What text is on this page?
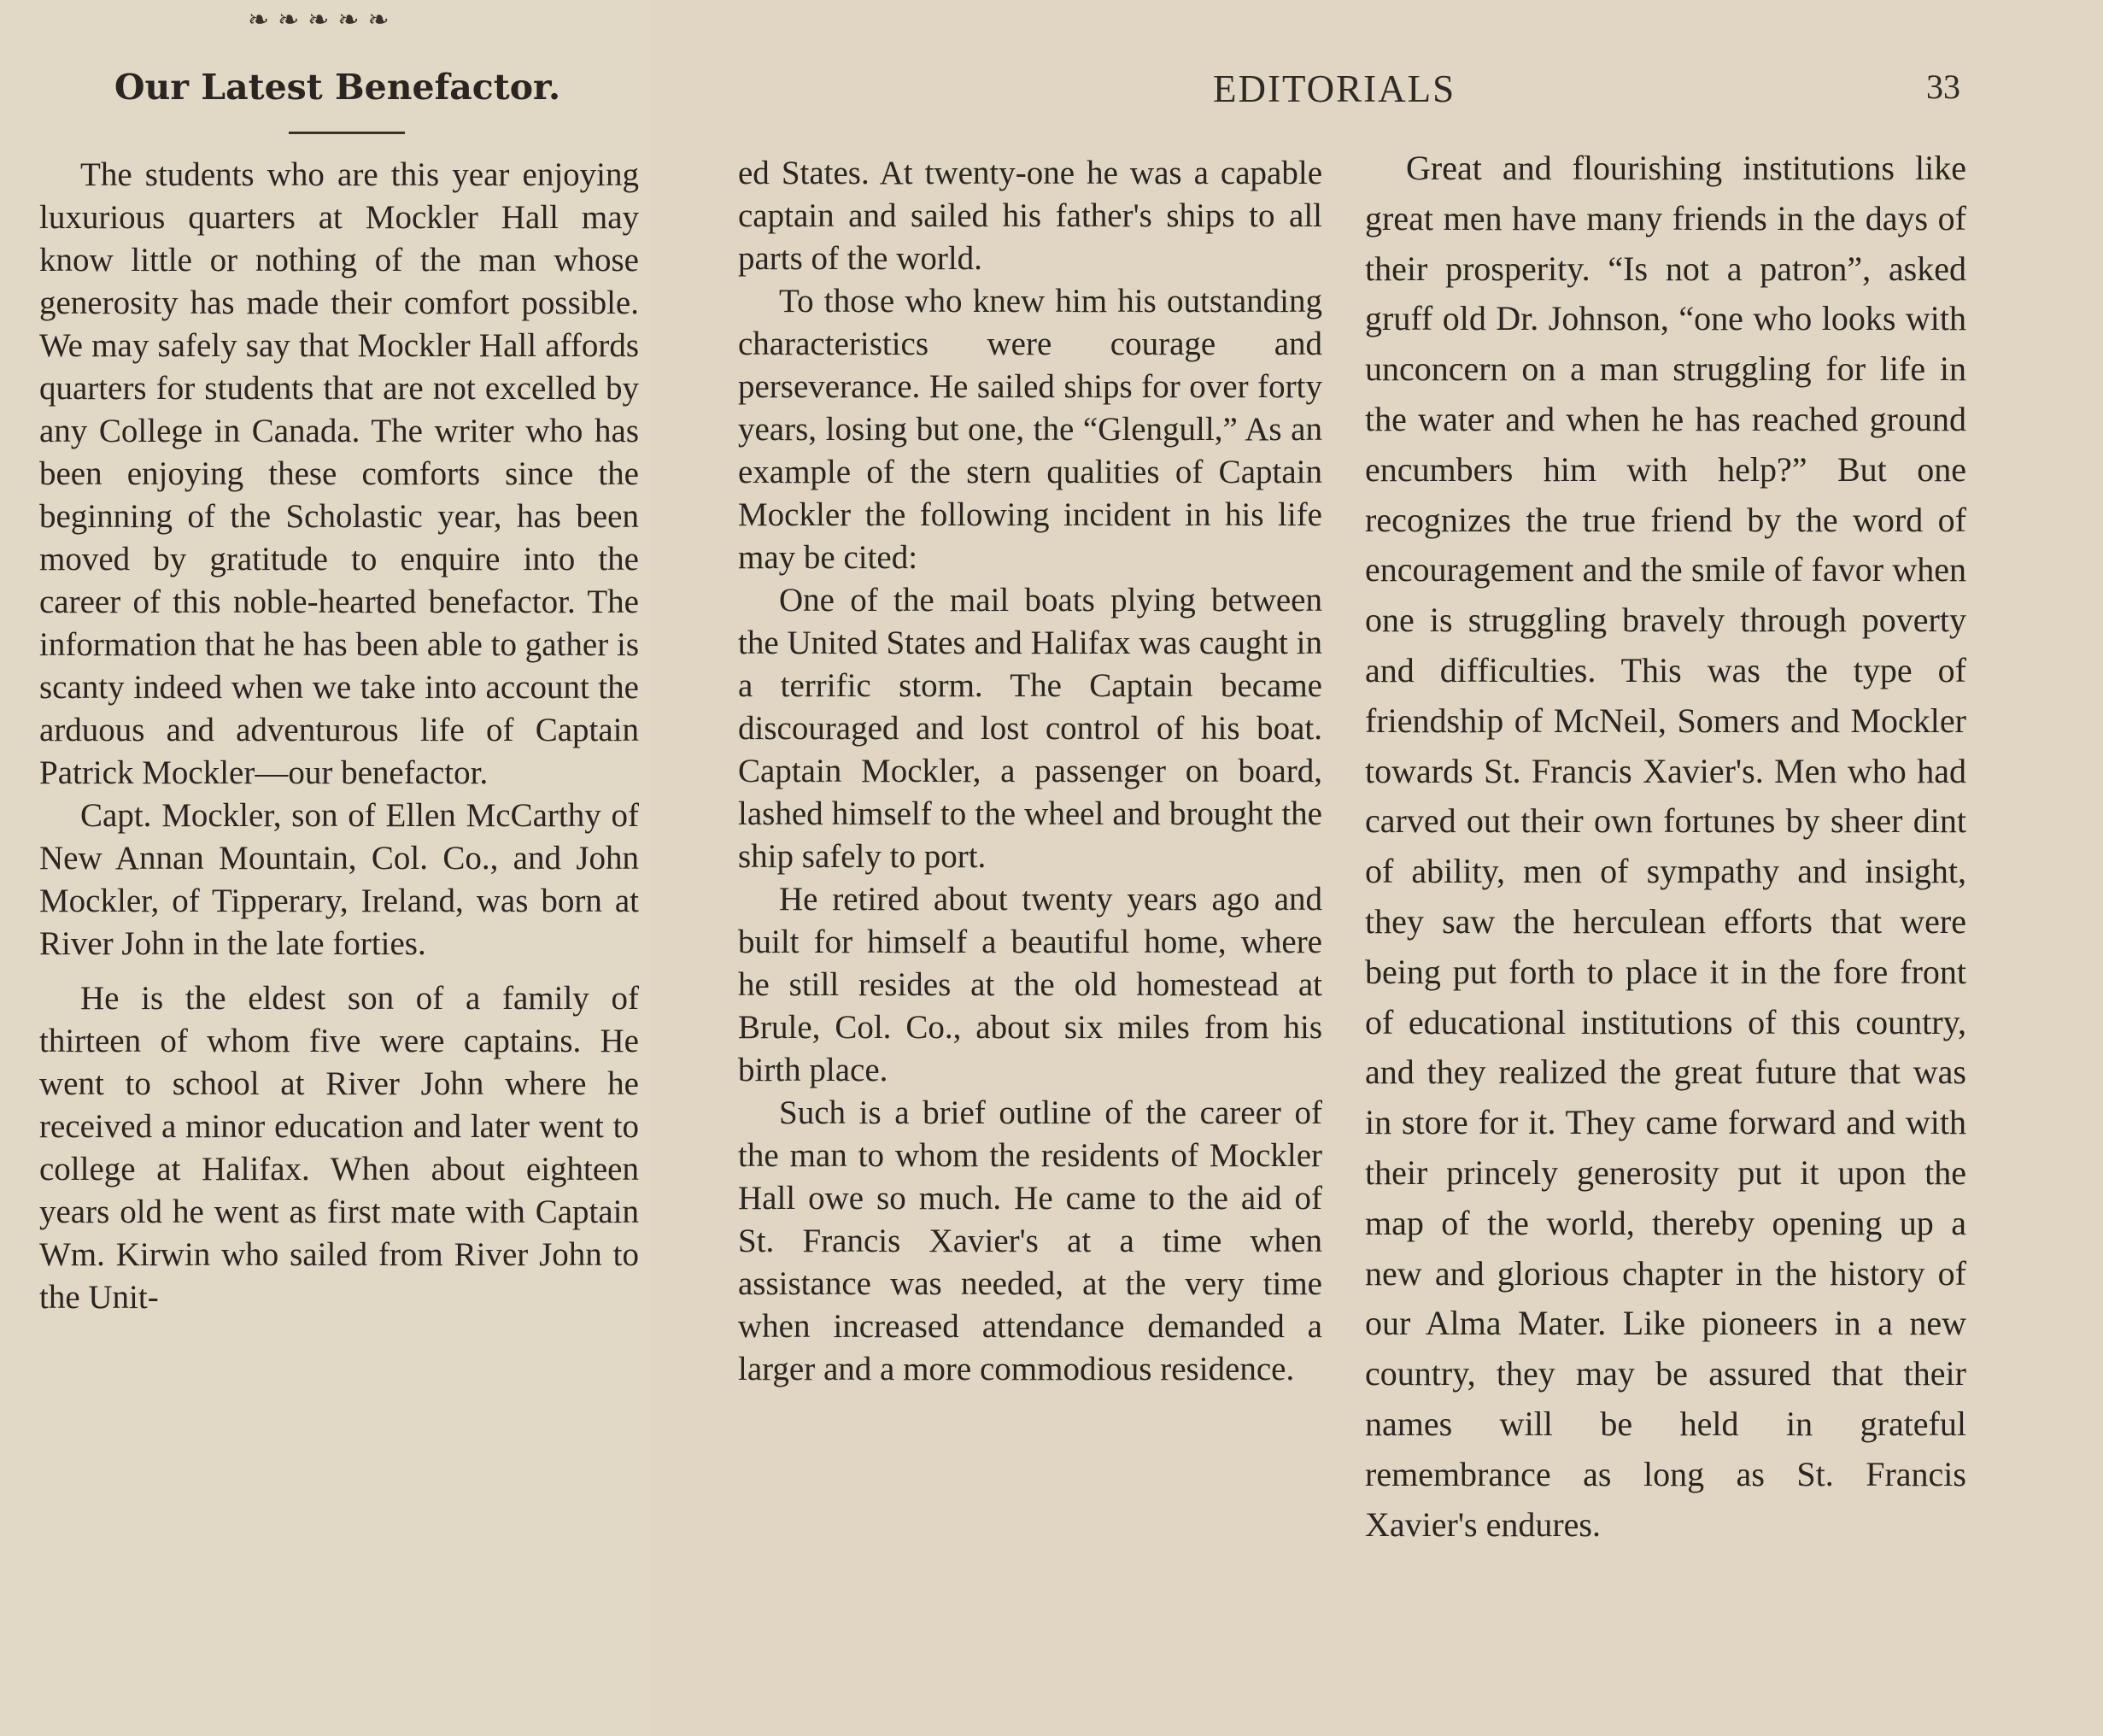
❧❧❧❧❧
Our Latest Benefactor.

The students who are this year enjoying luxurious quarters at Mockler Hall may know little or nothing of the man whose generosity has made their comfort possible. We may safely say that Mockler Hall affords quarters for students that are not excelled by any College in Canada. The writer who has been enjoying these comforts since the beginning of the Scholastic year, has been moved by gratitude to enquire into the career of this noble-hearted benefactor. The information that he has been able to gather is scanty indeed when we take into account the arduous and adventurous life of Captain Patrick Mockler—our benefactor.

Capt. Mockler, son of Ellen McCarthy of New Annan Mountain, Col. Co., and John Mockler, of Tipperary, Ireland, was born at River John in the late forties.

He is the eldest son of a family of thirteen of whom five were captains. He went to school at River John where he received a minor education and later went to college at Halifax. When about eighteen years old he went as first mate with Captain Wm. Kirwin who sailed from River John to the Unit-

EDITORIALS	33

ed States. At twenty-one he was a capable captain and sailed his father's ships to all parts of the world.

To those who knew him his outstanding characteristics were courage and perseverance. He sailed ships for over forty years, losing but one, the “Glengull,” As an example of the stern qualities of Captain Mockler the following incident in his life may be cited:

One of the mail boats plying between the United States and Halifax was caught in a terrific storm. The Captain became discouraged and lost control of his boat. Captain Mockler, a passenger on board, lashed himself to the wheel and brought the ship safely to port.

He retired about twenty years ago and built for himself a beautiful home, where he still resides at the old homestead at Brule, Col. Co., about six miles from his birth place.

Such is a brief outline of the career of the man to whom the residents of Mockler Hall owe so much. He came to the aid of St. Francis Xavier's at a time when assistance was needed, at the very time when increased attendance demanded a larger and a more commodious residence.

Great and flourishing institutions like great men have many friends in the days of their prosperity. “Is not a patron”, asked gruff old Dr. Johnson, “one who looks with unconcern on a man struggling for life in the water and when he has reached ground encumbers him with help?” But one recognizes the true friend by the word of encouragement and the smile of favor when one is struggling bravely through poverty and difficulties. This was the type of friendship of McNeil, Somers and Mockler towards St. Francis Xavier's. Men who had carved out their own fortunes by sheer dint of ability, men of sympathy and insight, they saw the herculean efforts that were being put forth to place it in the fore front of educational institutions of this country, and they realized the great future that was in store for it. They came forward and with their princely generosity put it upon the map of the world, thereby opening up a new and glorious chapter in the history of our Alma Mater. Like pioneers in a new country, they may be assured that their names will be held in grateful remembrance as long as St. Francis Xavier's endures.
